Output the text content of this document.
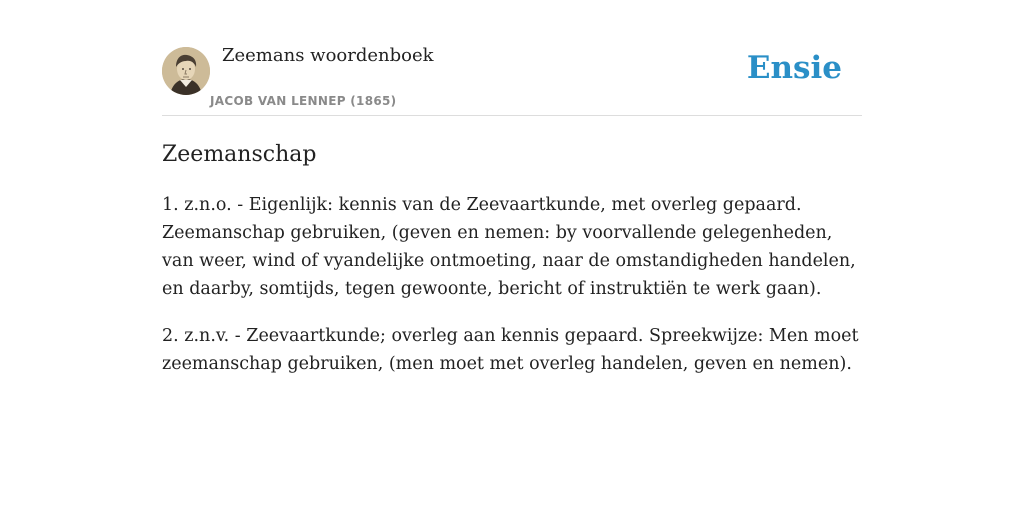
Zeemans woordenboek
JACOB VAN LENNEP (1865)
Ensie
Zeemanschap

1. z.n.o. - Eigenlijk: kennis van de Zeevaartkunde, met overleg gepaard. Zeemanschap gebruiken, (geven en nemen: by voorvallende gelegenheden, van weer, wind of vyandelijke ontmoeting, naar de omstandigheden handelen, en daarby, somtijds, tegen gewoonte, bericht of instruktiën te werk gaan).

2. z.n.v. - Zeevaartkunde; overleg aan kennis gepaard. Spreekwijze: Men moet zeemanschap gebruiken, (men moet met overleg handelen, geven en nemen).
